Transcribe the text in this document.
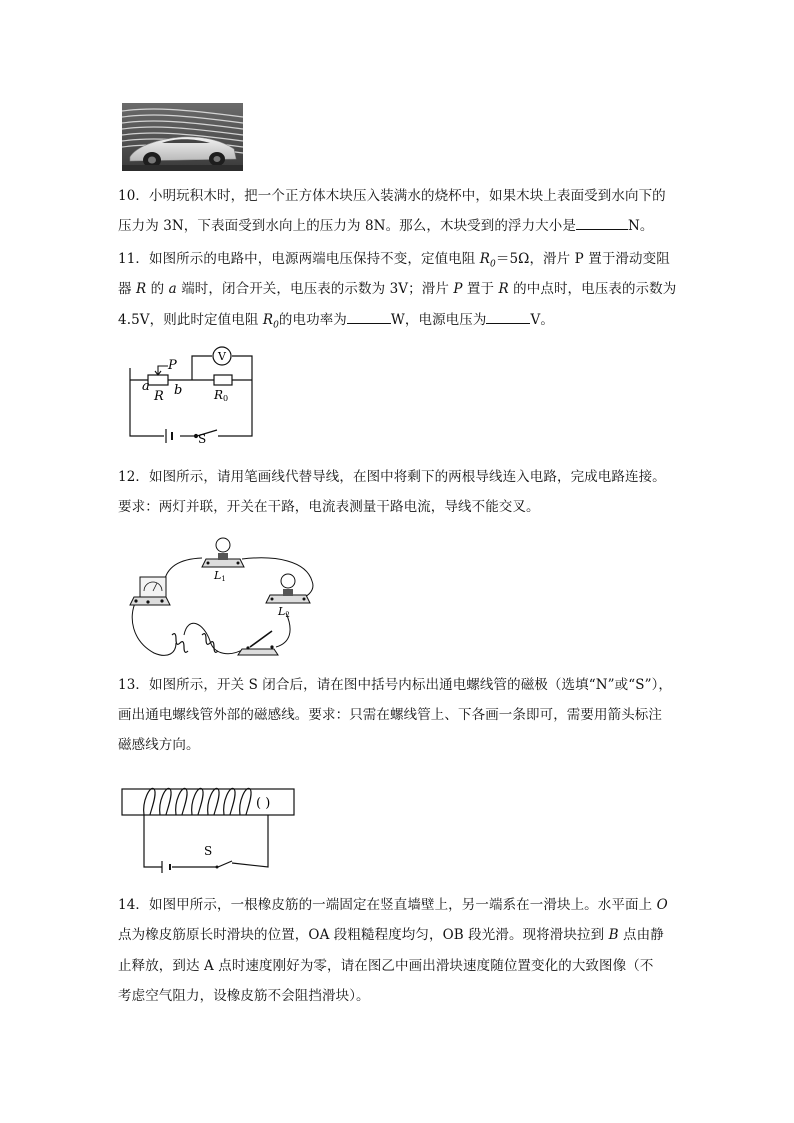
10．小明玩积木时，把一个正方体木块压入装满水的烧杯中，如果木块上表面受到水向下的
压力为 3N，下表面受到水向上的压力为 8N。那么，木块受到的浮力大小是	N。
11．如图所示的电路中，电源两端电压保持不变，定值电阻 $R_0=5\Omega$，滑片 P 置于滑动变阻
器 R 的 a 端时，闭合开关，电压表的示数为 3V；滑片 P 置于 R 的中点时，电压表的示数为
4.5V，则此时定值电阻 $R_0$的电功率为	W，电源电压为	V。
V
P
a b
R	R0
S
12．如图所示，请用笔画线代替导线，在图中将剩下的两根导线连入电路，完成电路连接。
要求：两灯并联，开关在干路，电流表测量干路电流，导线不能交叉。
L1
L2
13．如图所示，开关 S 闭合后，请在图中括号内标出通电螺线管的磁极（选填“N”或“S”），
画出通电螺线管外部的磁感线。要求：只需在螺线管上、下各画一条即可，需要用箭头标注
磁感线方向。
( )
S
14．如图甲所示，一根橡皮筋的一端固定在竖直墙壁上，另一端系在一滑块上。水平面上 O
点为橡皮筋原长时滑块的位置，OA 段粗糙程度均匀，OB 段光滑。现将滑块拉到 B 点由静
止释放，到达 A 点时速度刚好为零，请在图乙中画出滑块速度随位置变化的大致图像（不
考虑空气阻力，设橡皮筋不会阻挡滑块）。
